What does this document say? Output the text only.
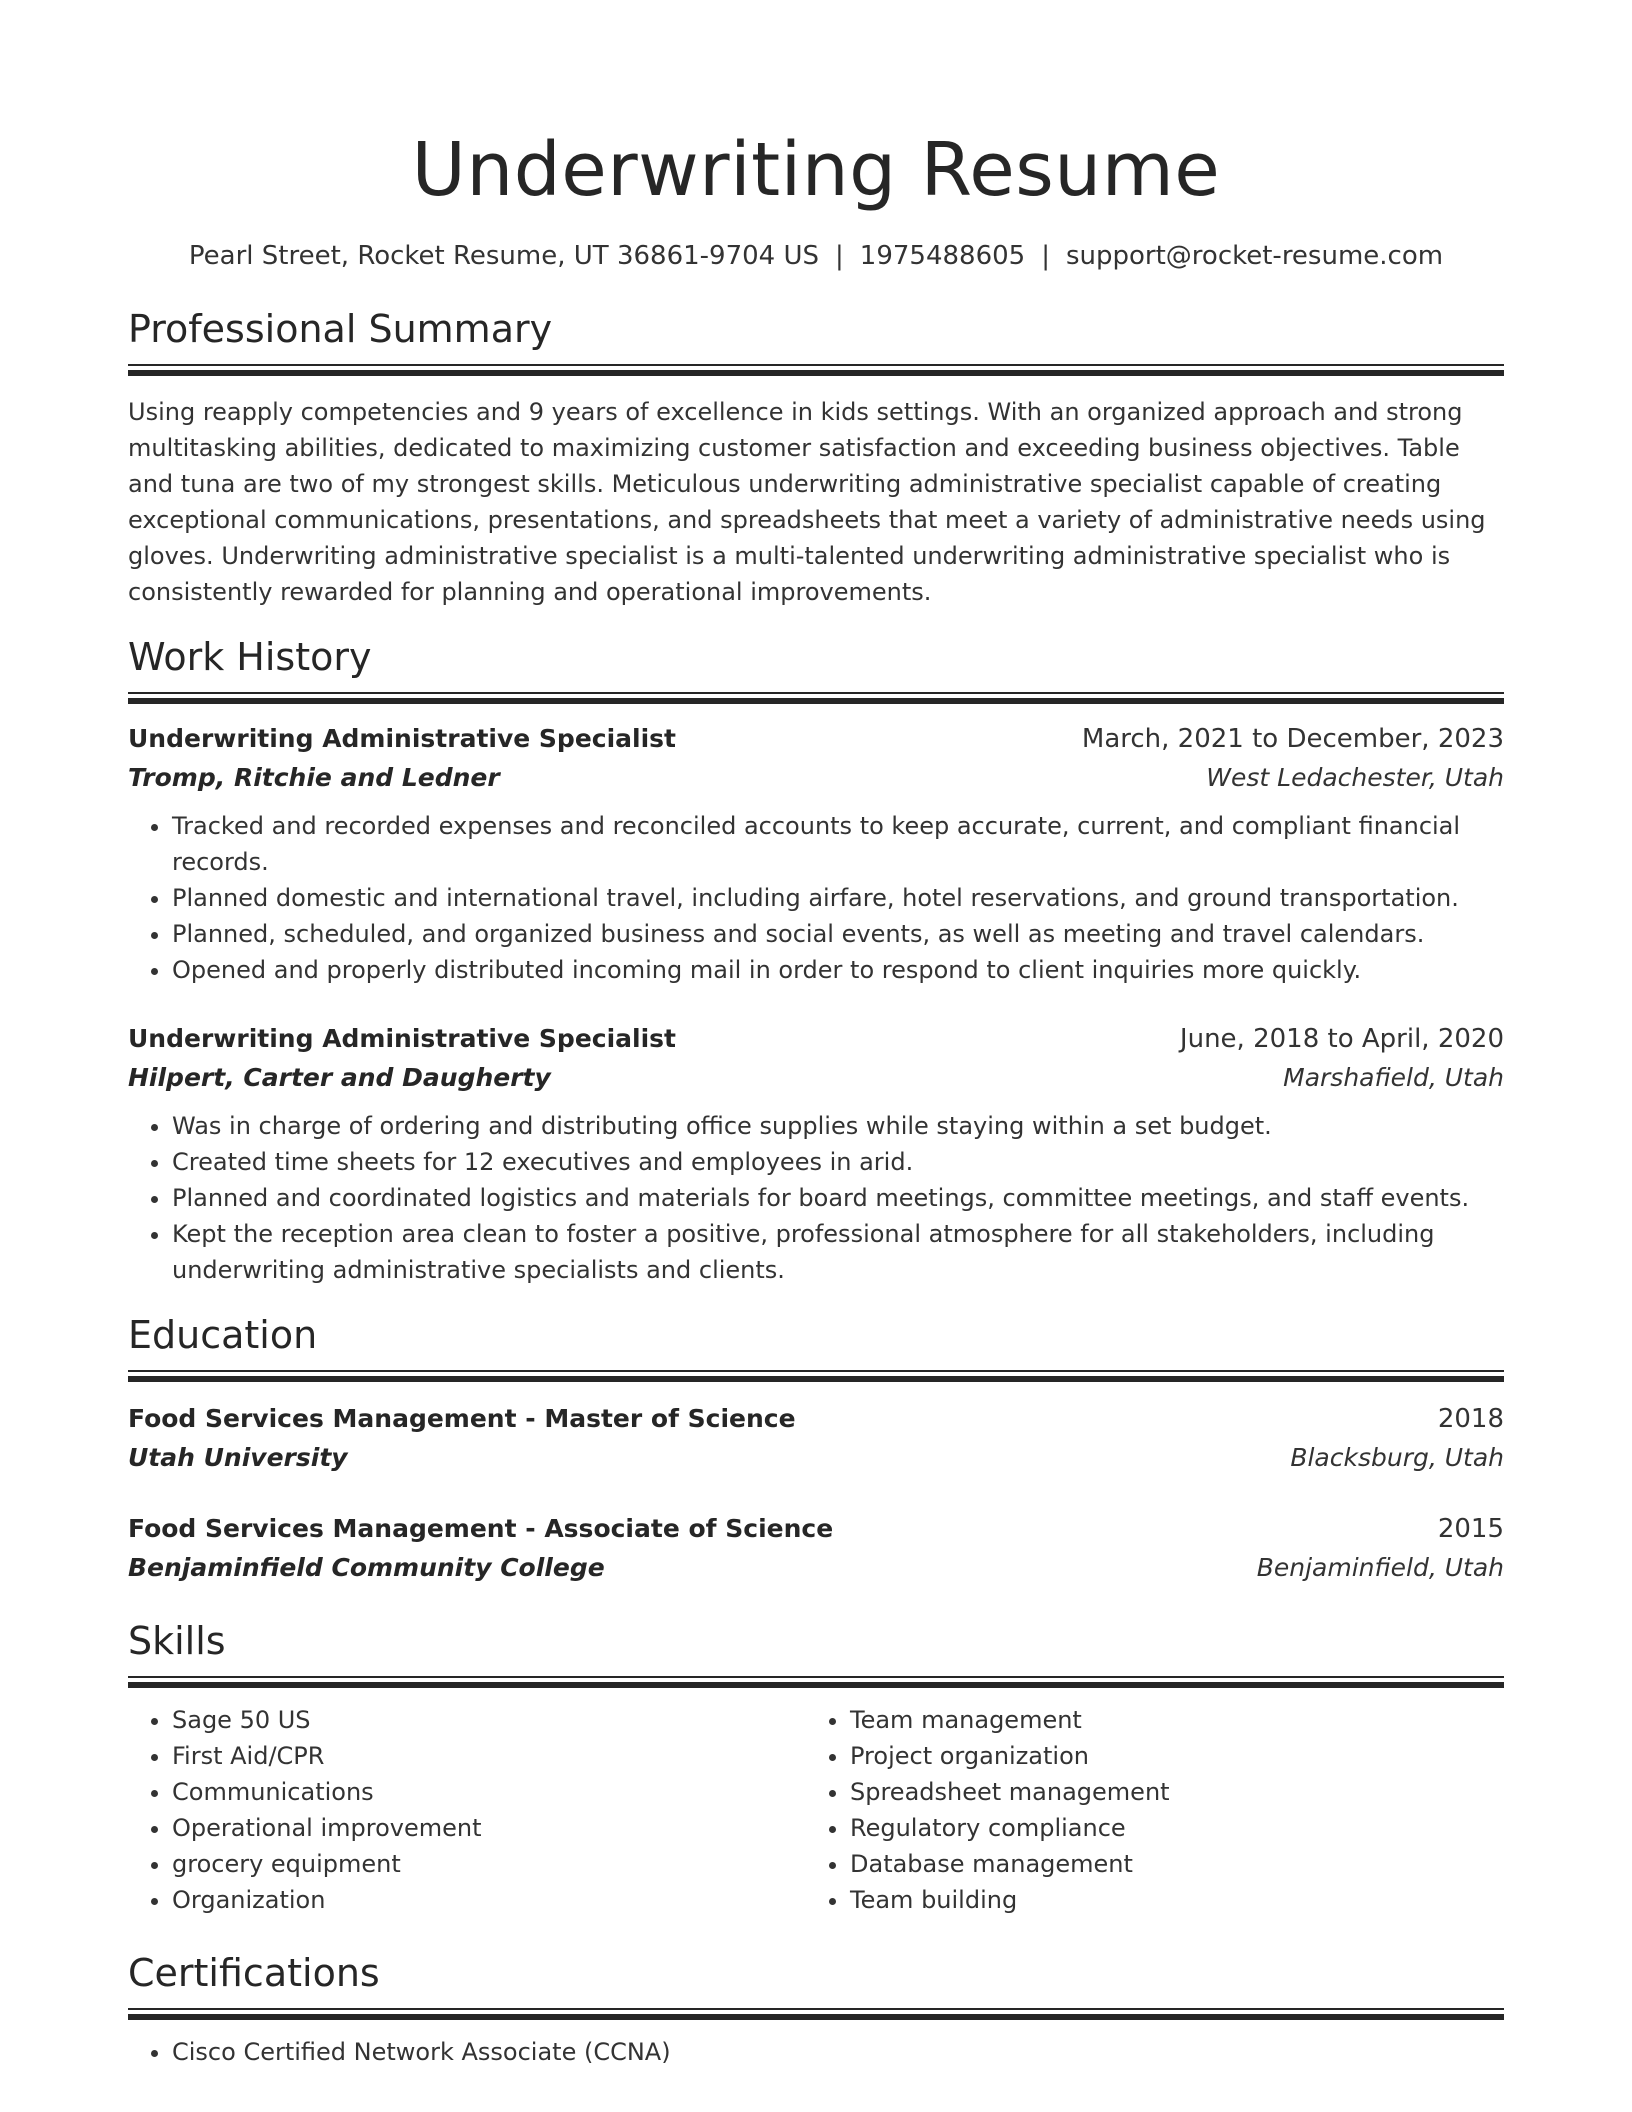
Underwriting Resume
Pearl Street, Rocket Resume, UT 36861-9704 US | 1975488605 | support@rocket-resume.com
Professional Summary

Using reapply competencies and 9 years of excellence in kids settings. With an organized approach and strong multitasking abilities, dedicated to maximizing customer satisfaction and exceeding business objectives. Table and tuna are two of my strongest skills. Meticulous underwriting administrative specialist capable of creating exceptional communications, presentations, and spreadsheets that meet a variety of administrative needs using gloves. Underwriting administrative specialist is a multi-talented underwriting administrative specialist who is consistently rewarded for planning and operational improvements.

Work History
Underwriting Administrative Specialist	March, 2021 to December, 2023
Tromp, Ritchie and Ledner	West Ledachester, Utah
• Tracked and recorded expenses and reconciled accounts to keep accurate, current, and compliant financial records.
• Planned domestic and international travel, including airfare, hotel reservations, and ground transportation.
• Planned, scheduled, and organized business and social events, as well as meeting and travel calendars.
• Opened and properly distributed incoming mail in order to respond to client inquiries more quickly.
Underwriting Administrative Specialist	June, 2018 to April, 2020
Hilpert, Carter and Daugherty	Marshafield, Utah
• Was in charge of ordering and distributing office supplies while staying within a set budget.
• Created time sheets for 12 executives and employees in arid.
• Planned and coordinated logistics and materials for board meetings, committee meetings, and staff events.
• Kept the reception area clean to foster a positive, professional atmosphere for all stakeholders, including underwriting administrative specialists and clients.
Education
Food Services Management - Master of Science	2018
Utah University	Blacksburg, Utah
Food Services Management - Associate of Science	2015
Benjaminfield Community College	Benjaminfield, Utah
Skills
• Sage 50 US
• First Aid/CPR
• Communications
• Operational improvement
• grocery equipment
• Organization
• Team management
• Project organization
• Spreadsheet management
• Regulatory compliance
• Database management
• Team building
Certifications
• Cisco Certified Network Associate (CCNA)
